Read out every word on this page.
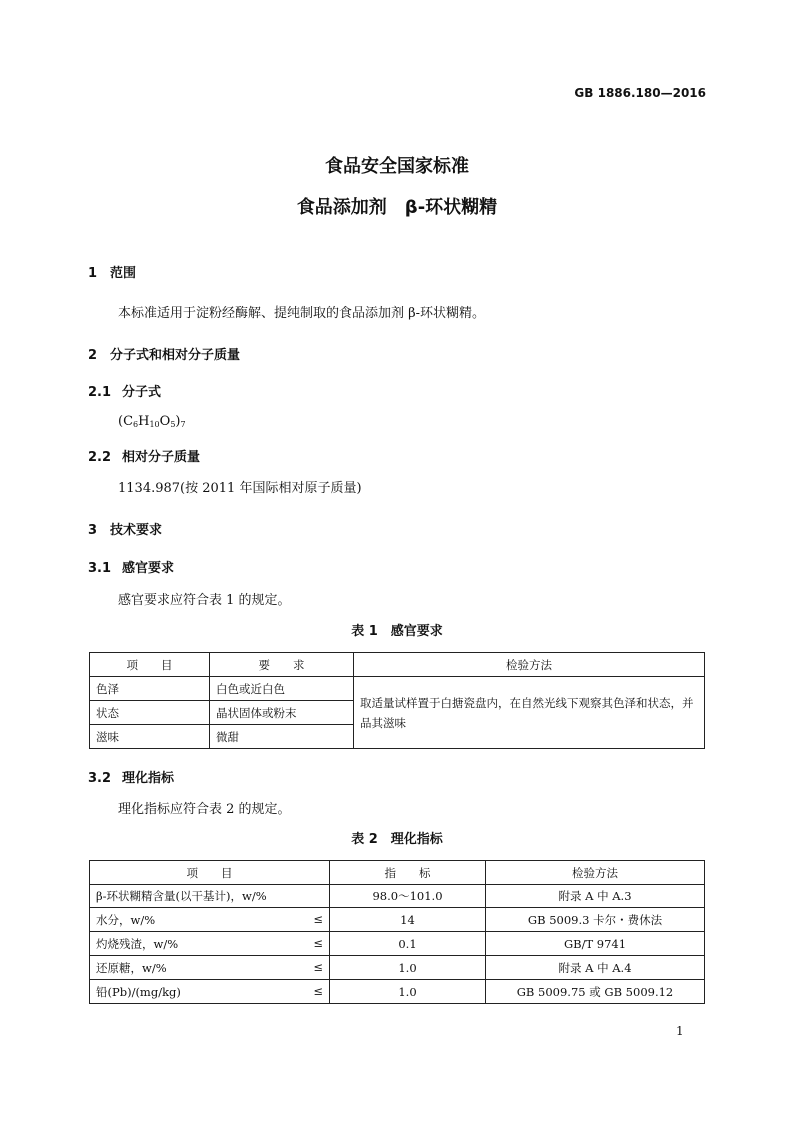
GB 1886.180—2016
食品安全国家标准
食品添加剂　β-环状糊精
1 范围
本标准适用于淀粉经酶解、提纯制取的食品添加剂 β-环状糊精。
2 分子式和相对分子质量
2.1 分子式
$(C_6H_{10}O_5)_7$
2.2 相对分子质量
1134.987(按 2011 年国际相对原子质量)
3 技术要求
3.1 感官要求
感官要求应符合表 1 的规定。
表 1　感官要求
项　　目	要　　求	检验方法
色泽	白色或近白色	取适量试样置于白搪瓷盘内，在自然光线下观察其色泽和状态，并品其滋味
状态	晶状固体或粉末	
滋味	微甜	
3.2 理化指标
理化指标应符合表 2 的规定。
表 2　理化指标
项　　目	指　　标	检验方法
β-环状糊精含量(以干基计)，w/%	98.0～101.0	附录 A 中 A.3
水分，w/% ≤	14	GB 5009.3 卡尔・费休法
灼烧残渣，w/% ≤	0.1	GB/T 9741
还原糖，w/% ≤	1.0	附录 A 中 A.4
铅(Pb)/(mg/kg) ≤	1.0	GB 5009.75 或 GB 5009.12
1
